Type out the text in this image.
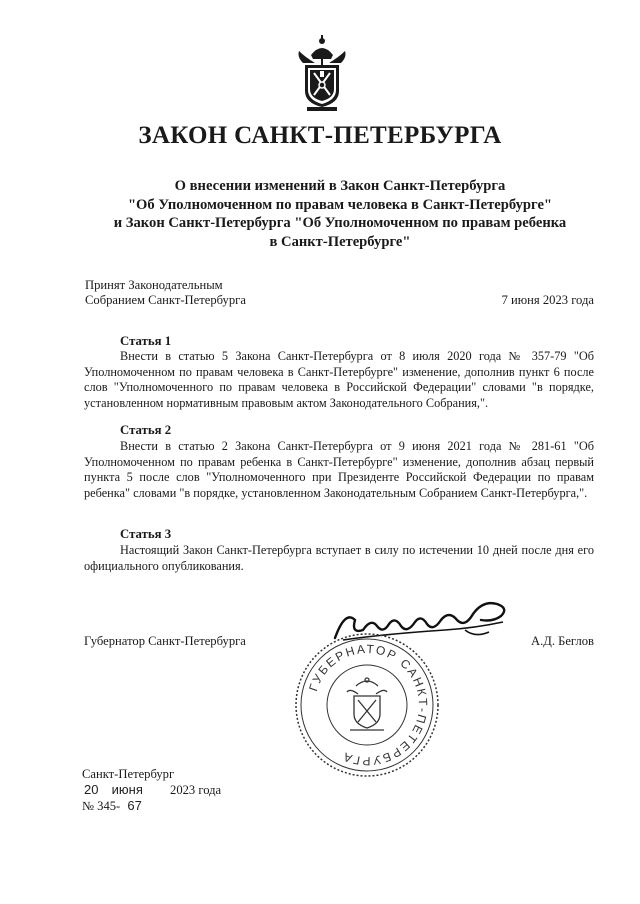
ЗАКОН САНКТ-ПЕТЕРБУРГА
О внесении изменений в Закон Санкт-Петербурга
"Об Уполномоченном по правам человека в Санкт-Петербурге"
и Закон Санкт-Петербурга "Об Уполномоченном по правам ребенка
в Санкт-Петербурге"
Принят Законодательным
Собранием Санкт-Петербурга	7 июня 2023 года
Статья 1
Внести в статью 5 Закона Санкт-Петербурга от 8 июля 2020 года № 357-79 "Об Уполномоченном по правам человека в Санкт-Петербурге" изменение, дополнив пункт 6 после слов "Уполномоченного по правам человека в Российской Федерации" словами "в порядке, установленном нормативным правовым актом Законодательного Собрания,".
Статья 2
Внести в статью 2 Закона Санкт-Петербурга от 9 июня 2021 года № 281-61 "Об Уполномоченном по правам ребенка в Санкт-Петербурге" изменение, дополнив абзац первый пункта 5 после слов "Уполномоченного при Президенте Российской Федерации по правам ребенка" словами "в порядке, установленном Законодательным Собранием Санкт-Петербурга,".
Статья 3
Настоящий Закон Санкт-Петербурга вступает в силу по истечении 10 дней после дня его официального опубликования.
Губернатор Санкт-Петербурга	А.Д. Беглов
ГУБЕРНАТОР САНКТ-ПЕТЕРБУРГА
Санкт-Петербург
20 июня 2023 года
№ 345- 67
